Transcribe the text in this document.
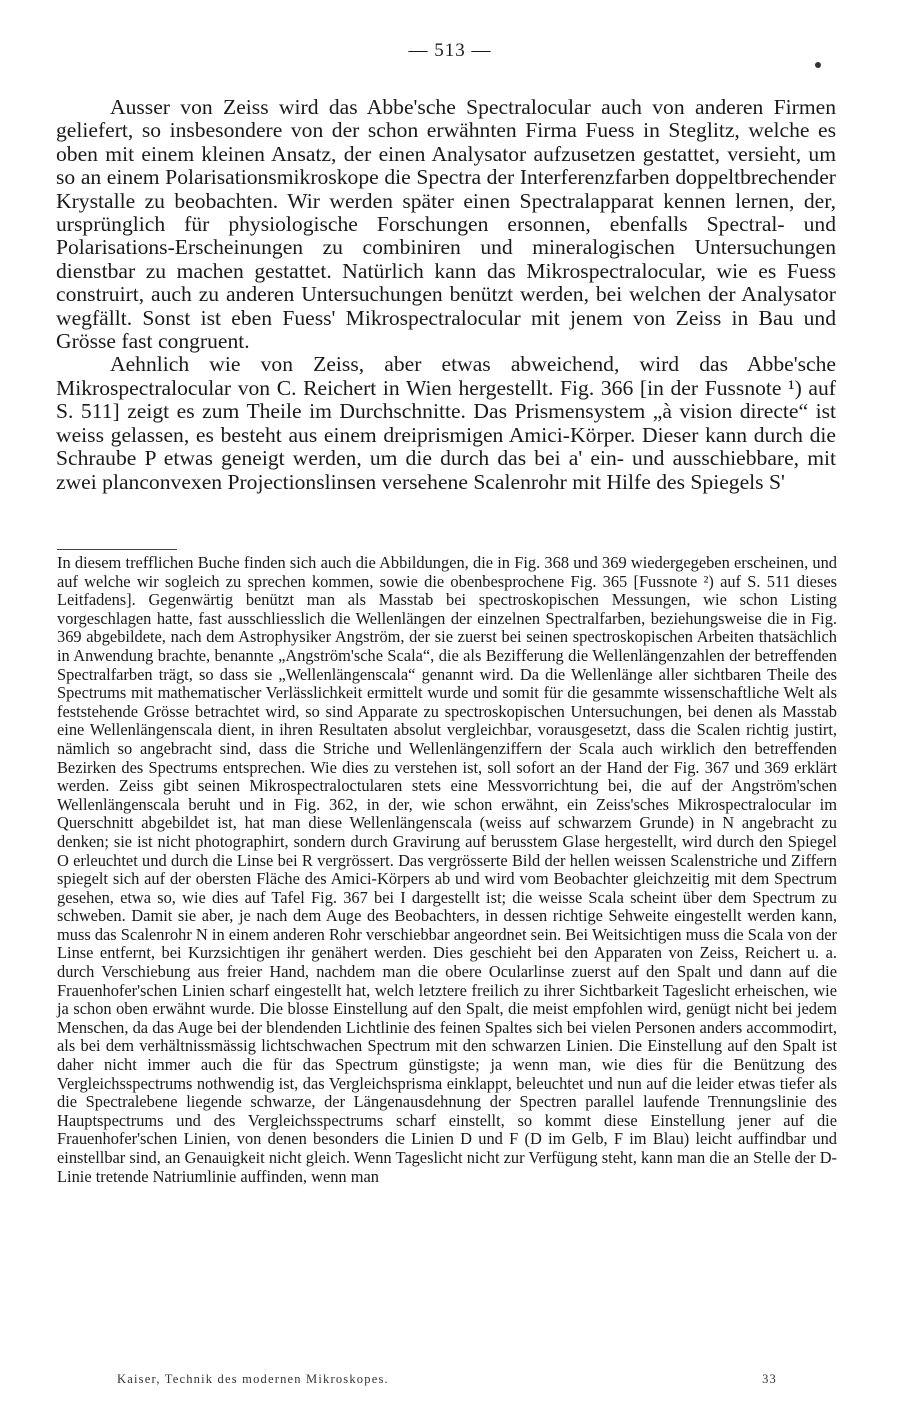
— 513 —

Ausser von Zeiss wird das Abbe'sche Spectralocular auch von anderen Firmen geliefert, so insbesondere von der schon erwähnten Firma Fuess in Steglitz, welche es oben mit einem kleinen Ansatz, der einen Analysator aufzusetzen gestattet, versieht, um so an einem Polarisationsmikroskope die Spectra der Interferenzfarben doppeltbrechender Krystalle zu beobachten. Wir werden später einen Spectralapparat kennen lernen, der, ursprünglich für physiologische Forschungen ersonnen, ebenfalls Spectral- und Polarisations-Erscheinungen zu combiniren und mineralogischen Untersuchungen dienstbar zu machen gestattet. Natürlich kann das Mikrospectralocular, wie es Fuess construirt, auch zu anderen Untersuchungen benützt werden, bei welchen der Analysator wegfällt. Sonst ist eben Fuess' Mikrospectralocular mit jenem von Zeiss in Bau und Grösse fast congruent.

Aehnlich wie von Zeiss, aber etwas abweichend, wird das Abbe'sche Mikrospectralocular von C. Reichert in Wien hergestellt. Fig. 366 [in der Fussnote ¹) auf S. 511] zeigt es zum Theile im Durchschnitte. Das Prismensystem „à vision directe“ ist weiss gelassen, es besteht aus einem dreiprismigen Amici-Körper. Dieser kann durch die Schraube P etwas geneigt werden, um die durch das bei a' ein- und ausschiebbare, mit zwei planconvexen Projectionslinsen versehene Scalenrohr mit Hilfe des Spiegels S'

In diesem trefflichen Buche finden sich auch die Abbildungen, die in Fig. 368 und 369 wiedergegeben erscheinen, und auf welche wir sogleich zu sprechen kommen, sowie die obenbesprochene Fig. 365 [Fussnote ²) auf S. 511 dieses Leitfadens]. Gegenwärtig benützt man als Masstab bei spectroskopischen Messungen, wie schon Listing vorgeschlagen hatte, fast ausschliesslich die Wellenlängen der einzelnen Spectralfarben, beziehungsweise die in Fig. 369 abgebildete, nach dem Astrophysiker Angström, der sie zuerst bei seinen spectroskopischen Arbeiten thatsächlich in Anwendung brachte, benannte „Angström'sche Scala“, die als Bezifferung die Wellenlängenzahlen der betreffenden Spectralfarben trägt, so dass sie „Wellenlängenscala“ genannt wird. Da die Wellenlänge aller sichtbaren Theile des Spectrums mit mathematischer Verlässlichkeit ermittelt wurde und somit für die gesammte wissenschaftliche Welt als feststehende Grösse betrachtet wird, so sind Apparate zu spectroskopischen Untersuchungen, bei denen als Masstab eine Wellenlängenscala dient, in ihren Resultaten absolut vergleichbar, vorausgesetzt, dass die Scalen richtig justirt, nämlich so angebracht sind, dass die Striche und Wellenlängenziffern der Scala auch wirklich den betreffenden Bezirken des Spectrums entsprechen. Wie dies zu verstehen ist, soll sofort an der Hand der Fig. 367 und 369 erklärt werden. Zeiss gibt seinen Mikrospectraloctularen stets eine Messvorrichtung bei, die auf der Angström'schen Wellenlängenscala beruht und in Fig. 362, in der, wie schon erwähnt, ein Zeiss'sches Mikrospectralocular im Querschnitt abgebildet ist, hat man diese Wellenlängenscala (weiss auf schwarzem Grunde) in N angebracht zu denken; sie ist nicht photographirt, sondern durch Gravirung auf berusstem Glase hergestellt, wird durch den Spiegel O erleuchtet und durch die Linse bei R vergrössert. Das vergrösserte Bild der hellen weissen Scalenstriche und Ziffern spiegelt sich auf der obersten Fläche des Amici-Körpers ab und wird vom Beobachter gleichzeitig mit dem Spectrum gesehen, etwa so, wie dies auf Tafel Fig. 367 bei I dargestellt ist; die weisse Scala scheint über dem Spectrum zu schweben. Damit sie aber, je nach dem Auge des Beobachters, in dessen richtige Sehweite eingestellt werden kann, muss das Scalenrohr N in einem anderen Rohr verschiebbar angeordnet sein. Bei Weitsichtigen muss die Scala von der Linse entfernt, bei Kurzsichtigen ihr genähert werden. Dies geschieht bei den Apparaten von Zeiss, Reichert u. a. durch Verschiebung aus freier Hand, nachdem man die obere Ocularlinse zuerst auf den Spalt und dann auf die Frauenhofer'schen Linien scharf eingestellt hat, welch letztere freilich zu ihrer Sichtbarkeit Tageslicht erheischen, wie ja schon oben erwähnt wurde. Die blosse Einstellung auf den Spalt, die meist empfohlen wird, genügt nicht bei jedem Menschen, da das Auge bei der blendenden Lichtlinie des feinen Spaltes sich bei vielen Personen anders accommodirt, als bei dem verhältnissmässig lichtschwachen Spectrum mit den schwarzen Linien. Die Einstellung auf den Spalt ist daher nicht immer auch die für das Spectrum günstigste; ja wenn man, wie dies für die Benützung des Vergleichsspectrums nothwendig ist, das Vergleichsprisma einklappt, beleuchtet und nun auf die leider etwas tiefer als die Spectralebene liegende schwarze, der Längenausdehnung der Spectren parallel laufende Trennungslinie des Hauptspectrums und des Vergleichsspectrums scharf einstellt, so kommt diese Einstellung jener auf die Frauenhofer'schen Linien, von denen besonders die Linien D und F (D im Gelb, F im Blau) leicht auffindbar und einstellbar sind, an Genauigkeit nicht gleich. Wenn Tageslicht nicht zur Verfügung steht, kann man die an Stelle der D-Linie tretende Natriumlinie auffinden, wenn man

Kaiser, Technik des modernen Mikroskopes.	33
